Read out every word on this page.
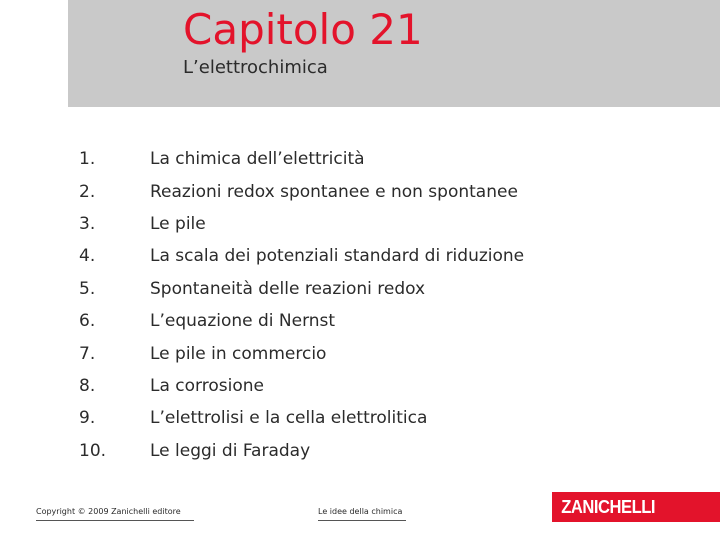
Capitolo 21
L’elettrochimica
1.	La chimica dell’elettricità
2.	Reazioni redox spontanee e non spontanee
3.	Le pile
4.	La scala dei potenziali standard di riduzione
5.	Spontaneità delle reazioni redox
6.	L’equazione di Nernst
7.	Le pile in commercio
8.	La corrosione
9.	L’elettrolisi e la cella elettrolitica
10.	Le leggi di Faraday
Copyright © 2009 Zanichelli editore	Le idee della chimica	ZANICHELLI
